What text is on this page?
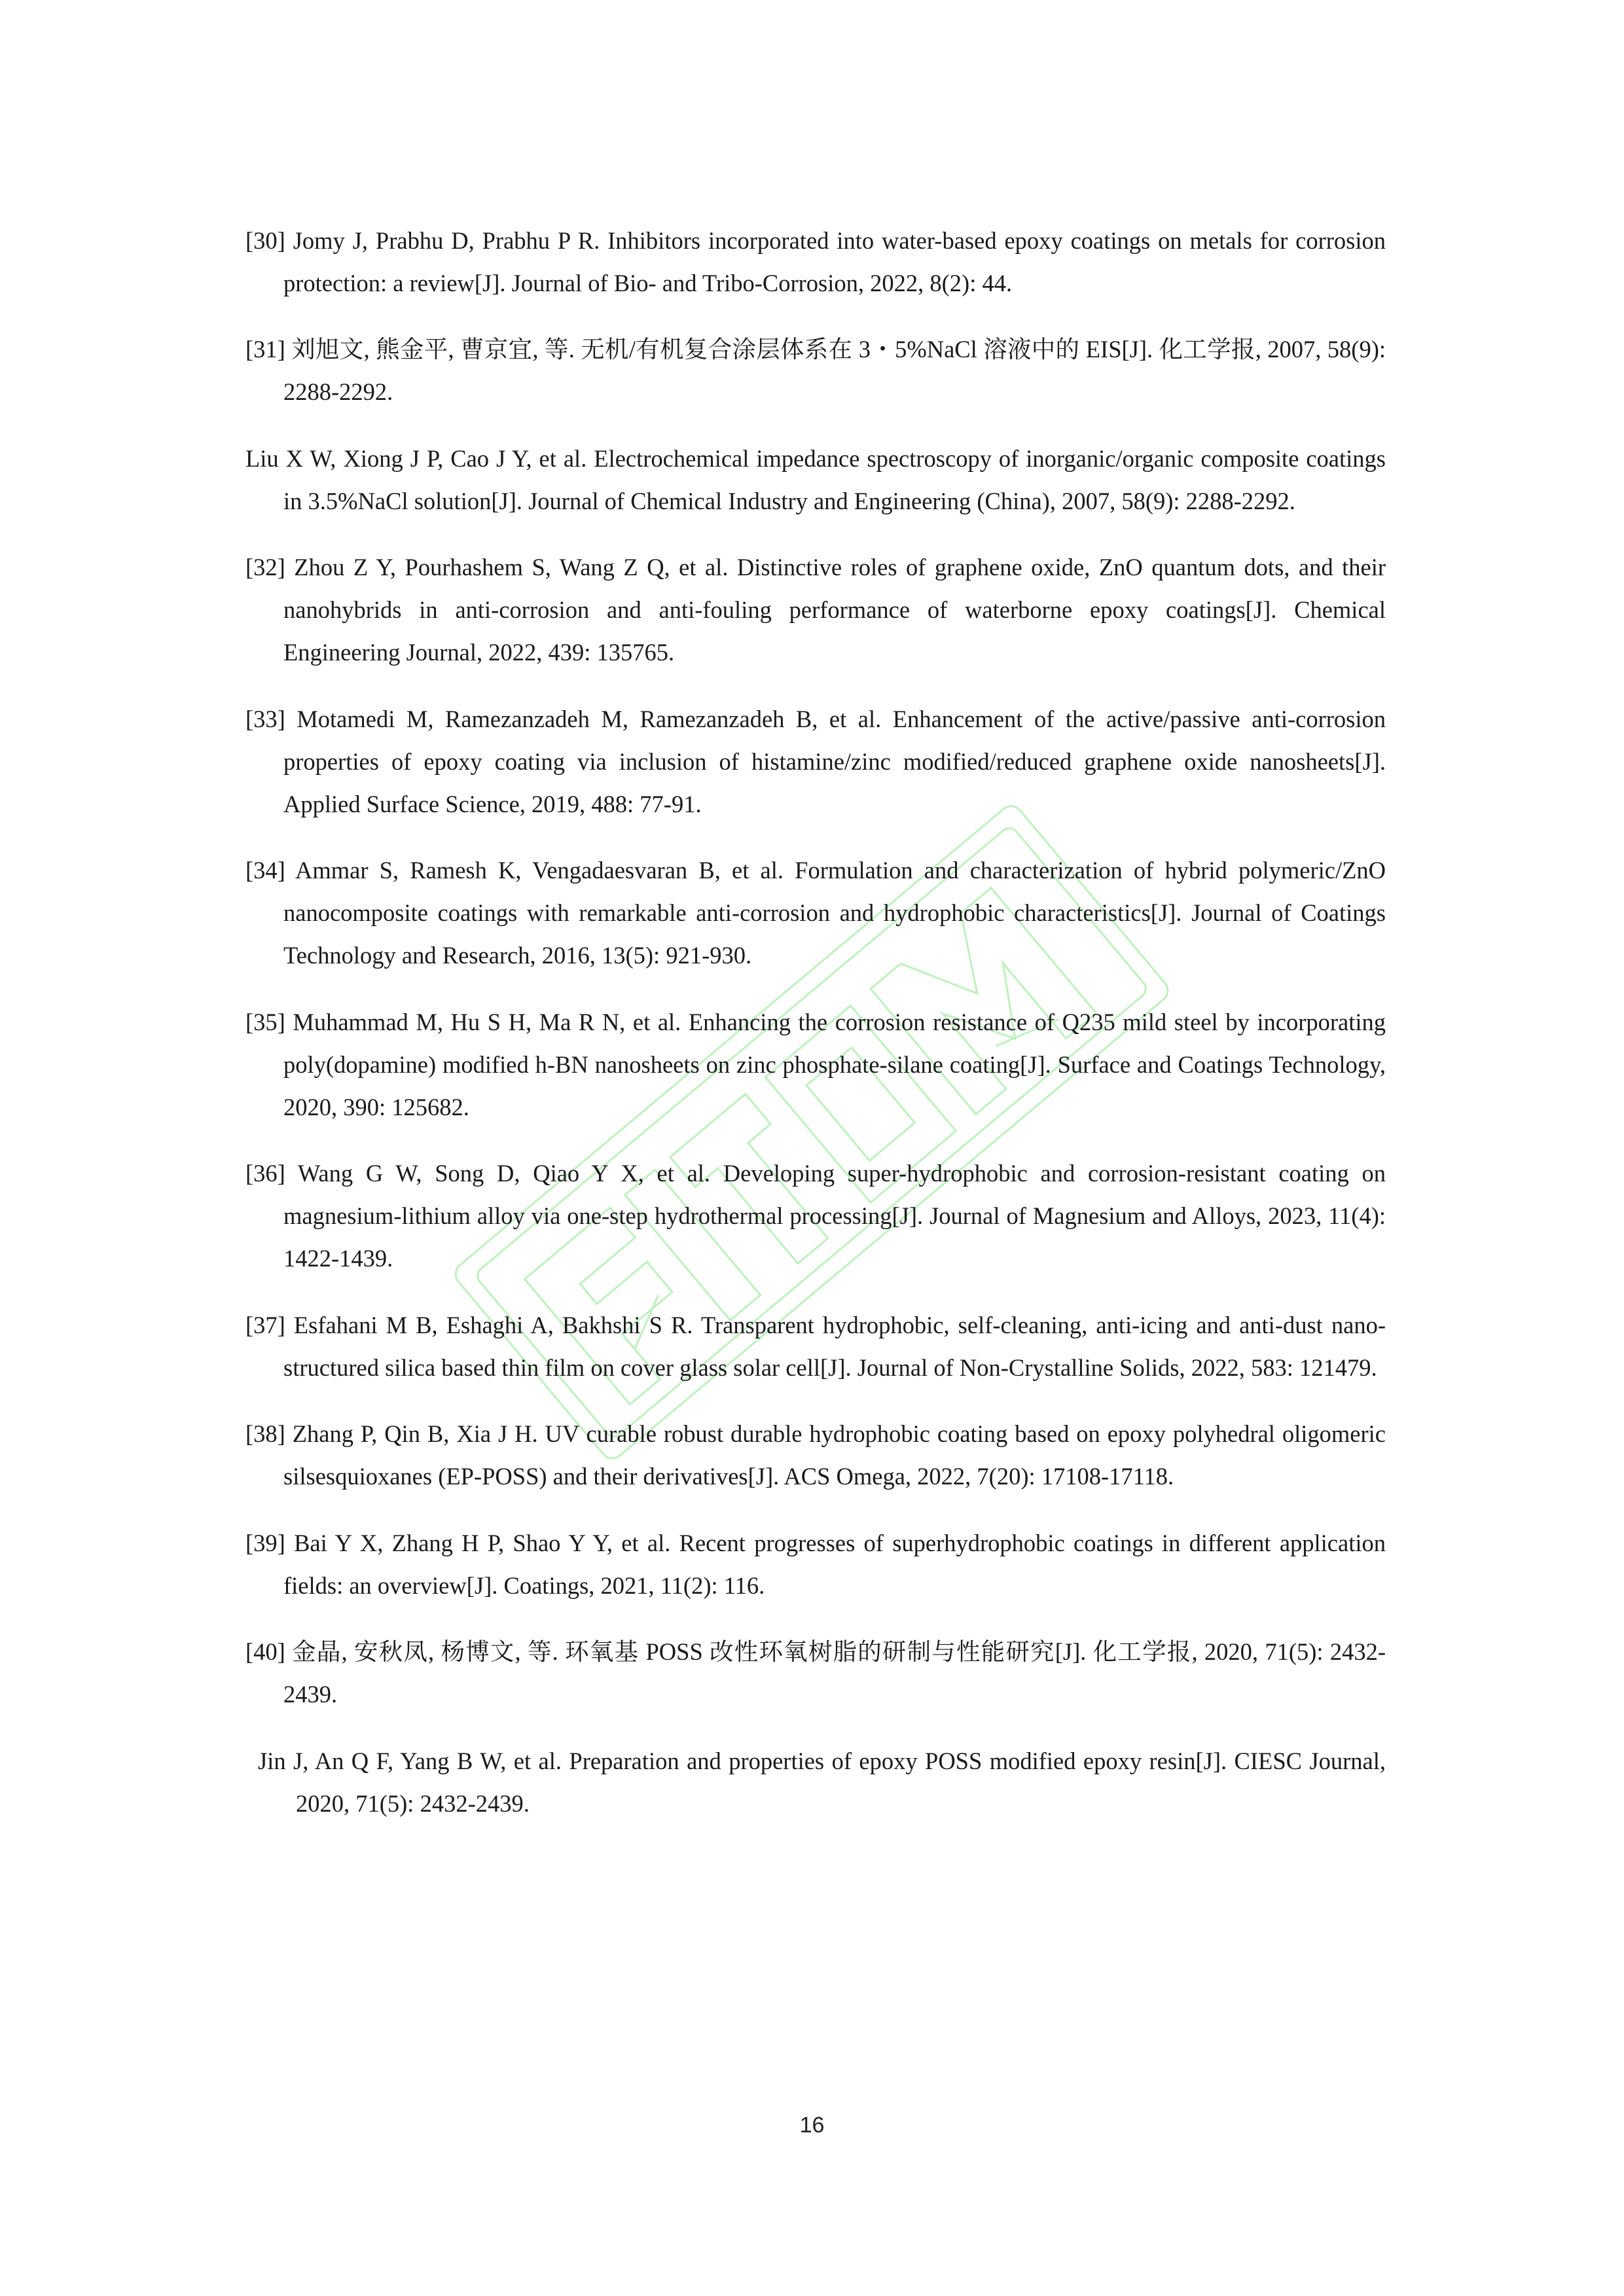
[30] Jomy J, Prabhu D, Prabhu P R. Inhibitors incorporated into water-based epoxy coatings on metals for corrosion protection: a review[J]. Journal of Bio- and Tribo-Corrosion, 2022, 8(2): 44.

[31] 刘旭文, 熊金平, 曹京宜, 等. 无机/有机复合涂层体系在 3・5%NaCl 溶液中的 EIS[J]. 化工学报, 2007, 58(9): 2288-2292.

Liu X W, Xiong J P, Cao J Y, et al. Electrochemical impedance spectroscopy of inorganic/organic composite coatings in 3.5%NaCl solution[J]. Journal of Chemical Industry and Engineering (China), 2007, 58(9): 2288-2292.

[32] Zhou Z Y, Pourhashem S, Wang Z Q, et al. Distinctive roles of graphene oxide, ZnO quantum dots, and their nanohybrids in anti-corrosion and anti-fouling performance of waterborne epoxy coatings[J]. Chemical Engineering Journal, 2022, 439: 135765.

[33] Motamedi M, Ramezanzadeh M, Ramezanzadeh B, et al. Enhancement of the active/passive anti-corrosion properties of epoxy coating via inclusion of histamine/zinc modified/reduced graphene oxide nanosheets[J]. Applied Surface Science, 2019, 488: 77-91.

[34] Ammar S, Ramesh K, Vengadaesvaran B, et al. Formulation and characterization of hybrid polymeric/ZnO nanocomposite coatings with remarkable anti-corrosion and hydrophobic characteristics[J]. Journal of Coatings Technology and Research, 2016, 13(5): 921-930.

[35] Muhammad M, Hu S H, Ma R N, et al. Enhancing the corrosion resistance of Q235 mild steel by incorporating poly(dopamine) modified h-BN nanosheets on zinc phosphate-silane coating[J]. Surface and Coatings Technology, 2020, 390: 125682.

[36] Wang G W, Song D, Qiao Y X, et al. Developing super-hydrophobic and corrosion-resistant coating on magnesium-lithium alloy via one-step hydrothermal processing[J]. Journal of Magnesium and Alloys, 2023, 11(4): 1422-1439.

[37] Esfahani M B, Eshaghi A, Bakhshi S R. Transparent hydrophobic, self-cleaning, anti-icing and anti-dust nano-structured silica based thin film on cover glass solar cell[J]. Journal of Non-Crystalline Solids, 2022, 583: 121479.

[38] Zhang P, Qin B, Xia J H. UV curable robust durable hydrophobic coating based on epoxy polyhedral oligomeric silsesquioxanes (EP-POSS) and their derivatives[J]. ACS Omega, 2022, 7(20): 17108-17118.

[39] Bai Y X, Zhang H P, Shao Y Y, et al. Recent progresses of superhydrophobic coatings in different application fields: an overview[J]. Coatings, 2021, 11(2): 116.

[40] 金晶, 安秋凤, 杨博文, 等. 环氧基 POSS 改性环氧树脂的研制与性能研究[J]. 化工学报, 2020, 71(5): 2432-2439.

Jin J, An Q F, Yang B W, et al. Preparation and properties of epoxy POSS modified epoxy resin[J]. CIESC Journal, 2020, 71(5): 2432-2439.

16
